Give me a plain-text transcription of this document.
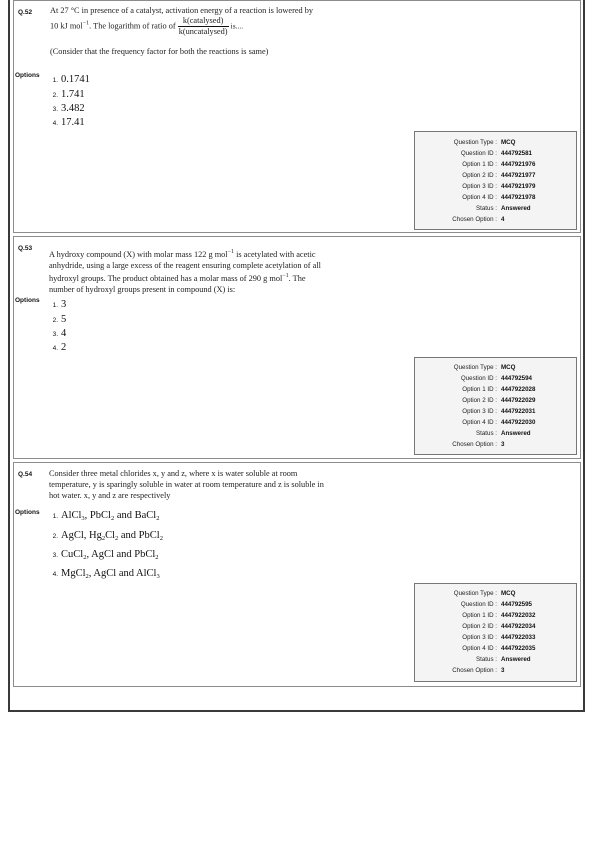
Q.52 At 27 °C in presence of a catalyst, activation energy of a reaction is lowered by
10 kJ mol$^{-1}$. The logarithm of ratio of $\frac{\text{k(catalysed)}}{\text{k(uncatalysed)}}$ is....
(Consider that the frequency factor for both the reactions is same)
Options
1. 0.1741
2. 1.741
3. 3.482
4. 17.41
Question Type : MCQ
Question ID : 444792581
Option 1 ID : 4447921976
Option 2 ID : 4447921977
Option 3 ID : 4447921979
Option 4 ID : 4447921978
Status : Answered
Chosen Option : 4
Q.53
A hydroxy compound (X) with molar mass 122 g mol$^{-1}$ is acetylated with acetic
anhydride, using a large excess of the reagent ensuring complete acetylation of all
hydroxyl groups. The product obtained has a molar mass of 290 g mol$^{-1}$. The
number of hydroxyl groups present in compound (X) is:
Options
1. 3
2. 5
3. 4
4. 2
Question Type : MCQ
Question ID : 444792594
Option 1 ID : 4447922028
Option 2 ID : 4447922029
Option 3 ID : 4447922031
Option 4 ID : 4447922030
Status : Answered
Chosen Option : 3
Q.54 Consider three metal chlorides x, y and z, where x is water soluble at room
temperature, y is sparingly soluble in water at room temperature and z is soluble in
hot water. x, y and z are respectively
Options
1. AlCl$_3$, PbCl$_2$ and BaCl$_2$
2. AgCl, $Hg_2Cl_2$ and PbCl$_2$
3. CuCl$_2$, AgCl and PbCl$_2$
4. MgCl$_2$, AgCl and AlCl$_3$
Question Type : MCQ
Question ID : 444792595
Option 1 ID : 4447922032
Option 2 ID : 4447922034
Option 3 ID : 4447922033
Option 4 ID : 4447922035
Status : Answered
Chosen Option : 3
